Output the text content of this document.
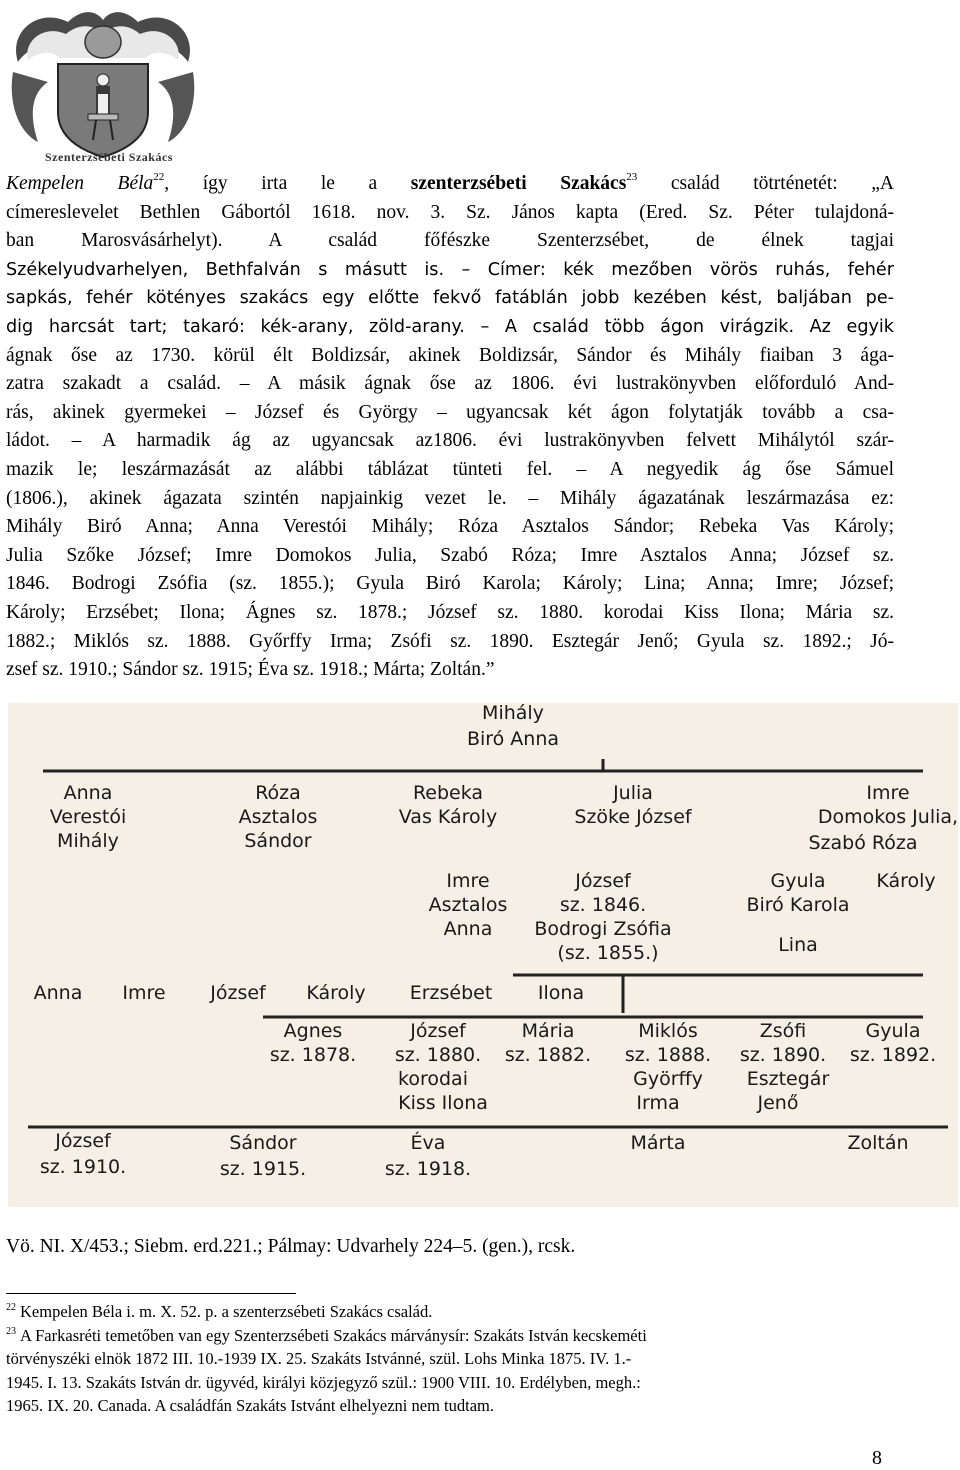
Szenterzsébeti Szakács
Kempelen Béla$^{22}$, így irta le a szenterzsébeti Szakács$^{23}$ család tötrténetét: „A
címereslevelet Bethlen Gábortól 1618. nov. 3. Sz. János kapta (Ered. Sz. Péter tulajdoná-
ban Marosvásárhelyt). A család főfészke Szenterzsébet, de élnek tagjai
Székelyudvarhelyen, Bethfalván s másutt is. – Címer: kék mezőben vörös ruhás, fehér
sapkás, fehér kötényes szakács egy előtte fekvő fatáblán jobb kezében kést, baljában pe-
dig harcsát tart; takaró: kék-arany, zöld-arany. – A család több ágon virágzik. Az egyik
ágnak őse az 1730. körül élt Boldizsár, akinek Boldizsár, Sándor és Mihály fiaiban 3 ága-
zatra szakadt a család. – A másik ágnak őse az 1806. évi lustrakönyvben előforduló And-
rás, akinek gyermekei – József és György – ugyancsak két ágon folytatják tovább a csa-
ládot. – A harmadik ág az ugyancsak az1806. évi lustrakönyvben felvett Mihálytól szár-
mazik le; leszármazását az alábbi táblázat tünteti fel. – A negyedik ág őse Sámuel
(1806.), akinek ágazata szintén napjainkig vezet le. – Mihály ágazatának leszármazása ez:
Mihály Biró Anna; Anna Verestói Mihály; Róza Asztalos Sándor; Rebeka Vas Károly;
Julia Szőke József; Imre Domokos Julia, Szabó Róza; Imre Asztalos Anna; József sz.
1846. Bodrogi Zsófia (sz. 1855.); Gyula Biró Karola; Károly; Lina; Anna; Imre; József;
Károly; Erzsébet; Ilona; Ágnes sz. 1878.; József sz. 1880. korodai Kiss Ilona; Mária sz.
1882.; Miklós sz. 1888. Győrffy Irma; Zsófi sz. 1890. Esztegár Jenő; Gyula sz. 1892.; Jó-
zsef sz. 1910.; Sándor sz. 1915; Éva sz. 1918.; Márta; Zoltán.”
Mihály
Biró Anna
Anna
Verestói
Mihály
Róza
Asztalos
Sándor
Rebeka
Vas Károly
Julia
Szöke József
Imre
Domokos Julia,
Szabó Róza
Imre
Asztalos
Anna
József
sz. 1846.
Bodrogi Zsófia
(sz. 1855.)
Gyula
Biró Karola
Lina
Károly
Anna Imre József Károly Erzsébet Ilona
Agnes
sz. 1878.
József
sz. 1880.
korodai
Kiss Ilona
Mária
sz. 1882.
Miklós
sz. 1888.
Györffy
Irma
Zsófi
sz. 1890.
Esztegár
Jenő
Gyula
sz. 1892.
József
sz. 1910.
Sándor
sz. 1915.
Éva
sz. 1918.
Márta	Zoltán
Vö. NI. X/453.; Siebm. erd.221.; Pálmay: Udvarhely 224–5. (gen.), rcsk.
$^{22}$ Kempelen Béla i. m. X. 52. p. a szenterzsébeti Szakács család.
$^{23}$ A Farkasréti temetőben van egy Szenterzsébeti Szakács márványsír: Szakáts István kecskeméti
törvényszéki elnök 1872 III. 10.-1939 IX. 25. Szakáts Istvánné, szül. Lohs Minka 1875. IV. 1.-
1945. I. 13. Szakáts István dr. ügyvéd, királyi közjegyző szül.: 1900 VIII. 10. Erdélyben, megh.:
1965. IX. 20. Canada. A családfán Szakáts Istvánt elhelyezni nem tudtam.
8
